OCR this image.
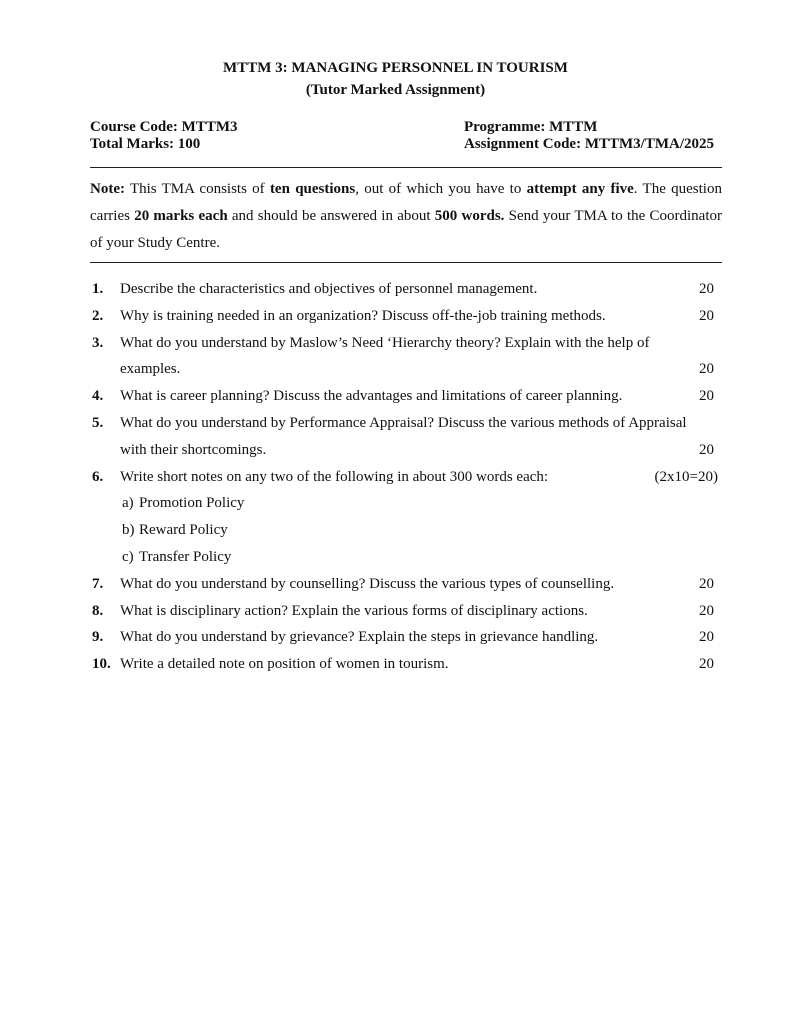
MTTM 3: MANAGING PERSONNEL IN TOURISM
(Tutor Marked Assignment)
Course Code: MTTM3
Total Marks: 100
Programme: MTTM
Assignment Code: MTTM3/TMA/2025
Note: This TMA consists of ten questions, out of which you have to attempt any five. The question carries 20 marks each and should be answered in about 500 words. Send your TMA to the Coordinator of your Study Centre.
1. Describe the characteristics and objectives of personnel management.	20
2. Why is training needed in an organization? Discuss off-the-job training methods.	20
3. What do you understand by Maslow’s Need ‘Hierarchy theory? Explain with the help of examples.	20
4. What is career planning? Discuss the advantages and limitations of career planning.	20
5. What do you understand by Performance Appraisal? Discuss the various methods of Appraisal with their shortcomings.	20
6. Write short notes on any two of the following in about 300 words each:	(2x10=20)
a) Promotion Policy
b) Reward Policy
c) Transfer Policy
7. What do you understand by counselling? Discuss the various types of counselling.	20
8. What is disciplinary action? Explain the various forms of disciplinary actions.	20
9. What do you understand by grievance? Explain the steps in grievance handling.	20
10. Write a detailed note on position of women in tourism.	20
